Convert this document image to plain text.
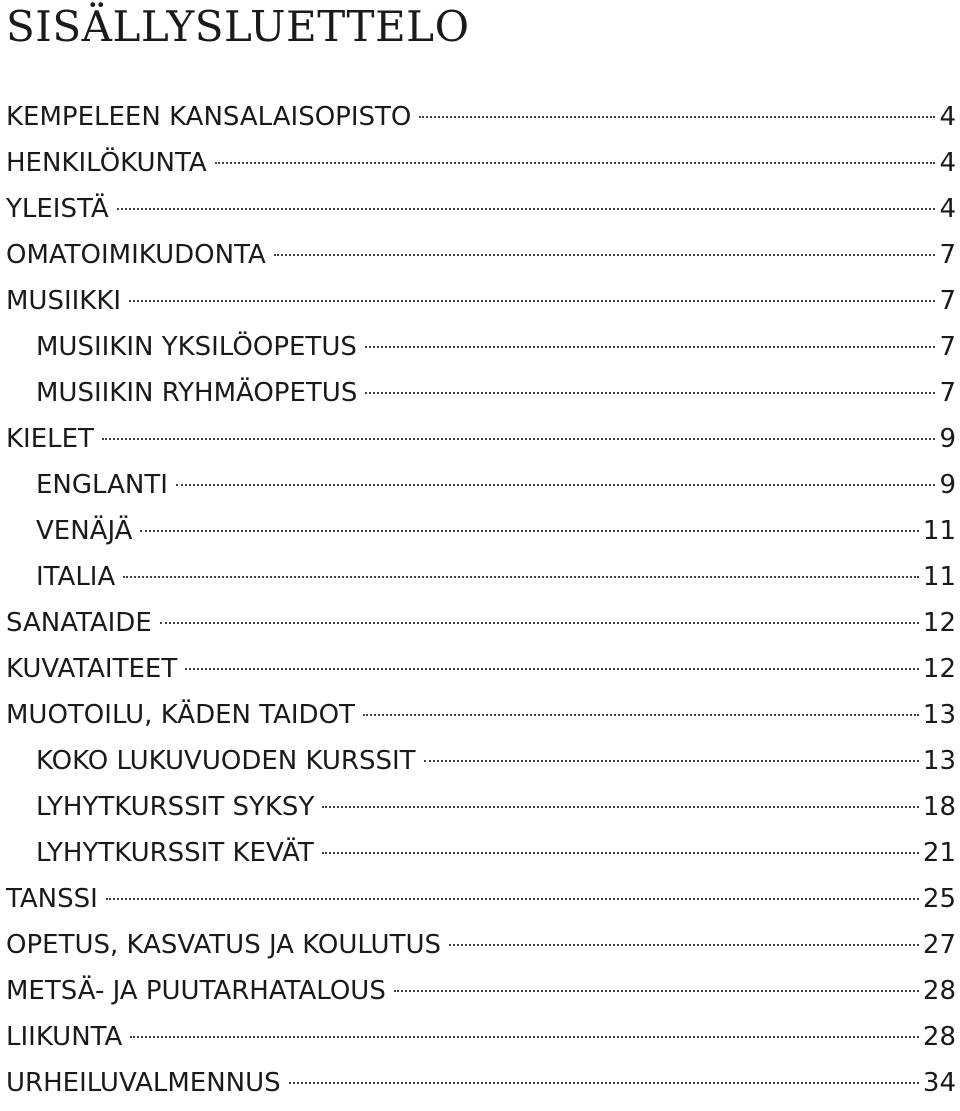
SISÄLLYSLUETTELO
KEMPELEEN KANSALAISOPISTO	4
HENKILÖKUNTA	4
YLEISTÄ	4
OMATOIMIKUDONTA	7
MUSIIKKI	7
MUSIIKIN YKSILÖOPETUS	7
MUSIIKIN RYHMÄOPETUS	7
KIELET	9
ENGLANTI	9
VENÄJÄ	11
ITALIA	11
SANATAIDE	12
KUVATAITEET	12
MUOTOILU, KÄDEN TAIDOT	13
KOKO LUKUVUODEN KURSSIT	13
LYHYTKURSSIT SYKSY	18
LYHYTKURSSIT KEVÄT	21
TANSSI	25
OPETUS, KASVATUS JA KOULUTUS	27
METSÄ- JA PUUTARHATALOUS	28
LIIKUNTA	28
URHEILUVALMENNUS	34
